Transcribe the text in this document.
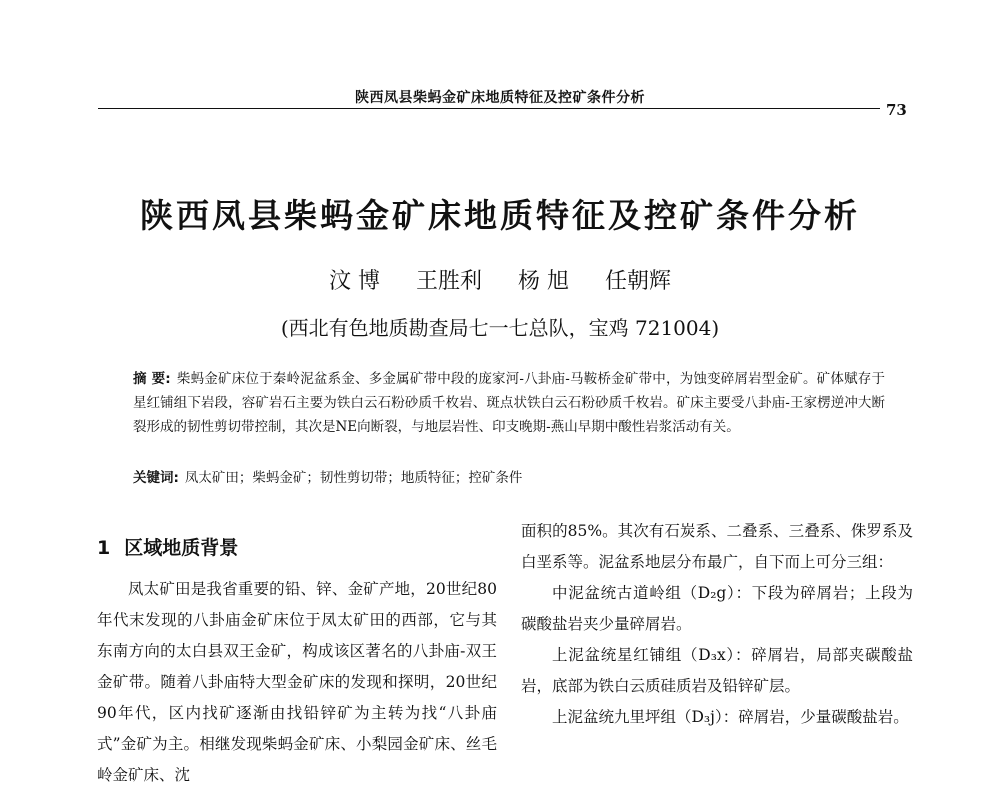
陕西凤县柴蚂金矿床地质特征及控矿条件分析
73
陕西凤县柴蚂金矿床地质特征及控矿条件分析
汶 博 王胜利 杨 旭 任朝辉
(西北有色地质勘查局七一七总队，宝鸡 721004)
摘 要: 柴蚂金矿床位于秦岭泥盆系金、多金属矿带中段的庞家河-八卦庙-马鞍桥金矿带中，为蚀变碎屑岩型金矿。矿体赋存于星红铺组下岩段，容矿岩石主要为铁白云石粉砂质千枚岩、斑点状铁白云石粉砂质千枚岩。矿床主要受八卦庙-王家楞逆冲大断裂形成的韧性剪切带控制，其次是NE向断裂，与地层岩性、印支晚期-燕山早期中酸性岩浆活动有关。
关键词: 凤太矿田；柴蚂金矿；韧性剪切带；地质特征；控矿条件
1 区域地质背景

凤太矿田是我省重要的铅、锌、金矿产地，20世纪80年代末发现的八卦庙金矿床位于凤太矿田的西部，它与其东南方向的太白县双王金矿，构成该区著名的八卦庙-双王金矿带。随着八卦庙特大型金矿床的发现和探明，20世纪90年代，区内找矿逐渐由找铅锌矿为主转为找“八卦庙式”金矿为主。相继发现柴蚂金矿床、小梨园金矿床、丝毛岭金矿床、沈

面积的85%。其次有石炭系、二叠系、三叠系、侏罗系及白垩系等。泥盆系地层分布最广，自下而上可分三组：

中泥盆统古道岭组（D₂g）：下段为碎屑岩；上段为碳酸盐岩夹少量碎屑岩。

上泥盆统星红铺组（D₃x）：碎屑岩，局部夹碳酸盐岩，底部为铁白云质硅质岩及铅锌矿层。

上泥盆统九里坪组（D₃j）：碎屑岩，少量碳酸盐岩。
